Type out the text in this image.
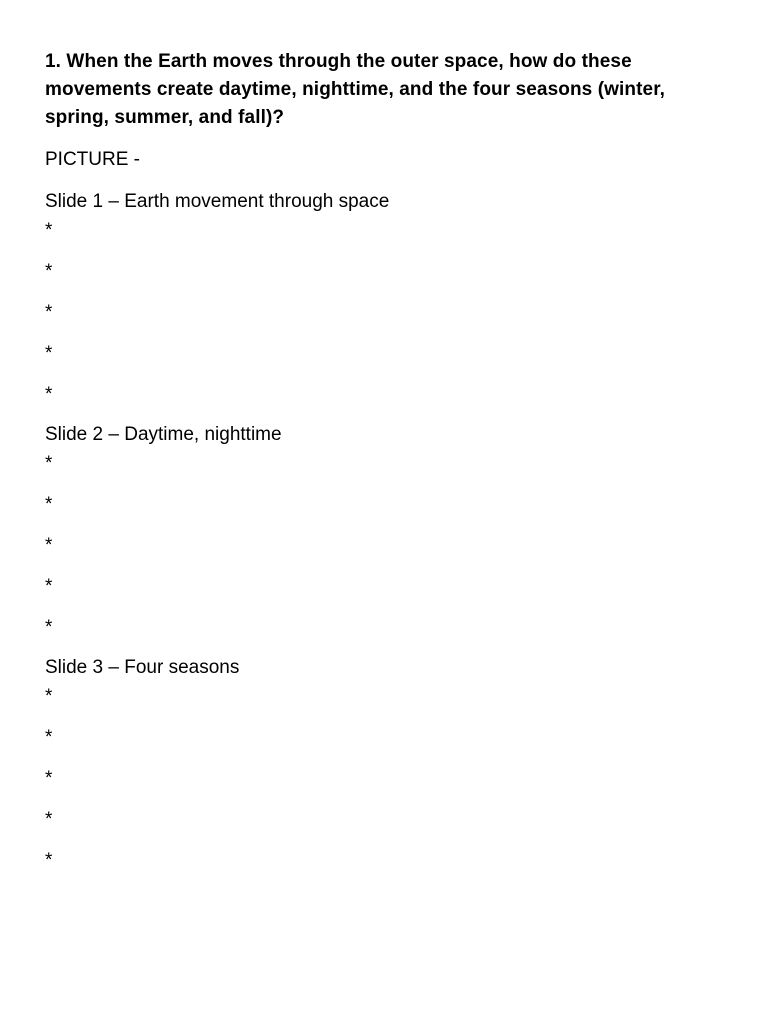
1. When the Earth moves through the outer space, how do these movements create daytime, nighttime, and the four seasons (winter, spring, summer, and fall)?

PICTURE -

Slide 1 – Earth movement through space

*
*
*
*
*

Slide 2 – Daytime, nighttime

*
*
*
*
*

Slide 3 – Four seasons

*
*
*
*
*
